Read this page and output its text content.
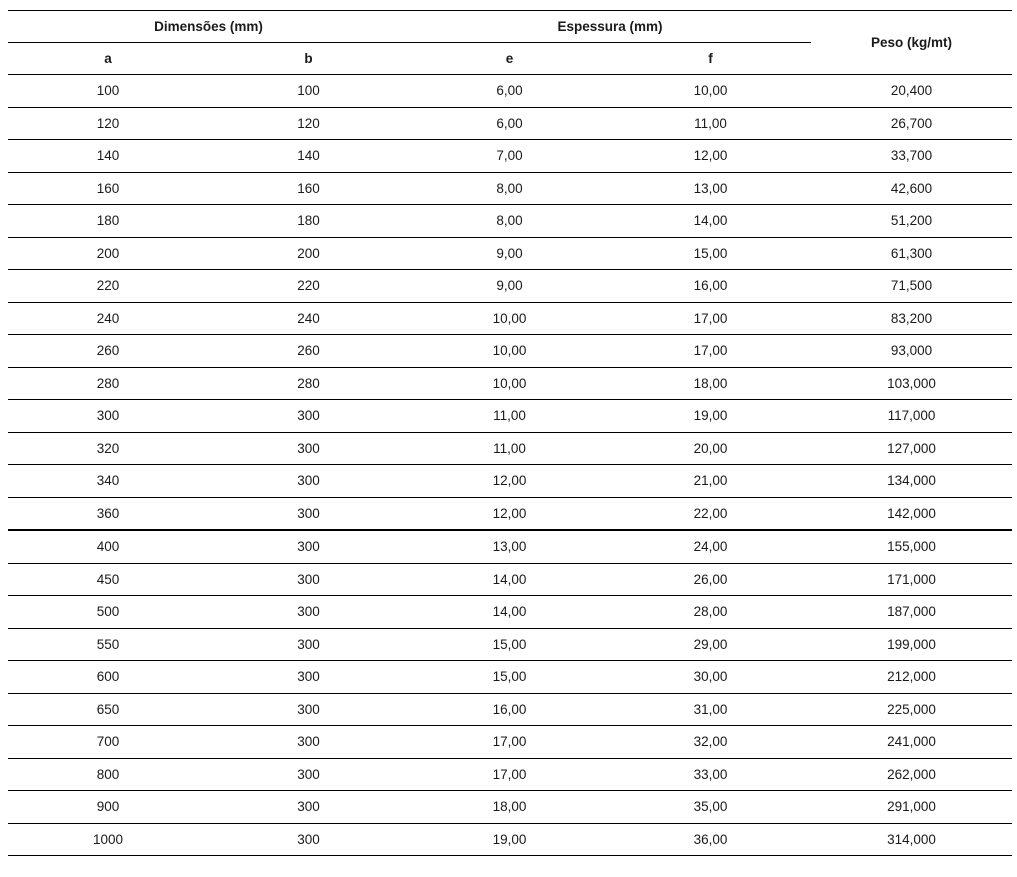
Dimensões (mm)		Espessura (mm)		Peso (kg/mt)
a	b	e	f	
100	100	6,00	10,00	20,400
120	120	6,00	11,00	26,700
140	140	7,00	12,00	33,700
160	160	8,00	13,00	42,600
180	180	8,00	14,00	51,200
200	200	9,00	15,00	61,300
220	220	9,00	16,00	71,500
240	240	10,00	17,00	83,200
260	260	10,00	17,00	93,000
280	280	10,00	18,00	103,000
300	300	11,00	19,00	117,000
320	300	11,00	20,00	127,000
340	300	12,00	21,00	134,000
360	300	12,00	22,00	142,000
400	300	13,00	24,00	155,000
450	300	14,00	26,00	171,000
500	300	14,00	28,00	187,000
550	300	15,00	29,00	199,000
600	300	15,00	30,00	212,000
650	300	16,00	31,00	225,000
700	300	17,00	32,00	241,000
800	300	17,00	33,00	262,000
900	300	18,00	35,00	291,000
1000	300	19,00	36,00	314,000
